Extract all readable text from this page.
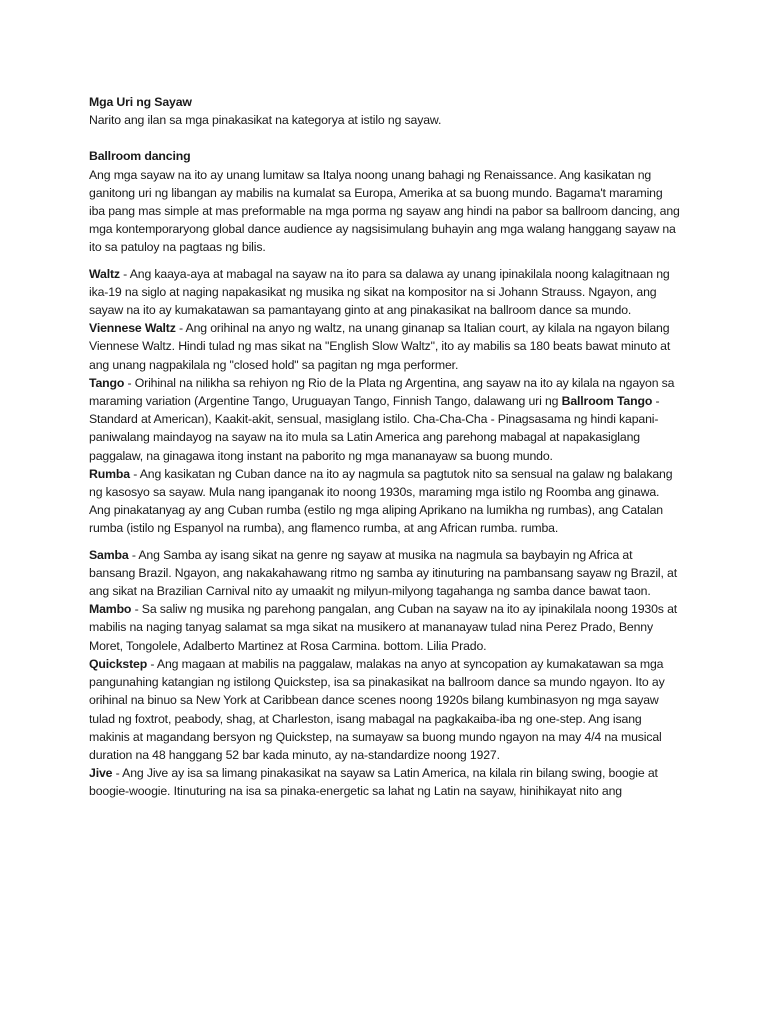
Mga Uri ng Sayaw

Narito ang ilan sa mga pinakasikat na kategorya at istilo ng sayaw.

Ballroom dancing

Ang mga sayaw na ito ay unang lumitaw sa Italya noong unang bahagi ng Renaissance. Ang kasikatan ng ganitong uri ng libangan ay mabilis na kumalat sa Europa, Amerika at sa buong mundo. Bagama't maraming iba pang mas simple at mas preformable na mga porma ng sayaw ang hindi na pabor sa ballroom dancing, ang mga kontemporaryong global dance audience ay nagsisimulang buhayin ang mga walang hanggang sayaw na ito sa patuloy na pagtaas ng bilis.

Waltz - Ang kaaya-aya at mabagal na sayaw na ito para sa dalawa ay unang ipinakilala noong kalagitnaan ng ika-19 na siglo at naging napakasikat ng musika ng sikat na kompositor na si Johann Strauss. Ngayon, ang sayaw na ito ay kumakatawan sa pamantayang ginto at ang pinakasikat na ballroom dance sa mundo.

Viennese Waltz - Ang orihinal na anyo ng waltz, na unang ginanap sa Italian court, ay kilala na ngayon bilang Viennese Waltz. Hindi tulad ng mas sikat na "English Slow Waltz", ito ay mabilis sa 180 beats bawat minuto at ang unang nagpakilala ng "closed hold" sa pagitan ng mga performer.

Tango - Orihinal na nilikha sa rehiyon ng Rio de la Plata ng Argentina, ang sayaw na ito ay kilala na ngayon sa maraming variation (Argentine Tango, Uruguayan Tango, Finnish Tango, dalawang uri ng Ballroom Tango - Standard at American), Kaakit-akit, sensual, masiglang istilo. Cha-Cha-Cha - Pinagsasama ng hindi kapani-paniwalang maindayog na sayaw na ito mula sa Latin America ang parehong mabagal at napakasiglang paggalaw, na ginagawa itong instant na paborito ng mga mananayaw sa buong mundo.

Rumba - Ang kasikatan ng Cuban dance na ito ay nagmula sa pagtutok nito sa sensual na galaw ng balakang ng kasosyo sa sayaw. Mula nang ipanganak ito noong 1930s, maraming mga istilo ng Roomba ang ginawa. Ang pinakatanyag ay ang Cuban rumba (estilo ng mga aliping Aprikano na lumikha ng rumbas), ang Catalan rumba (istilo ng Espanyol na rumba), ang flamenco rumba, at ang African rumba. rumba.

Samba - Ang Samba ay isang sikat na genre ng sayaw at musika na nagmula sa baybayin ng Africa at bansang Brazil. Ngayon, ang nakakahawang ritmo ng samba ay itinuturing na pambansang sayaw ng Brazil, at ang sikat na Brazilian Carnival nito ay umaakit ng milyun-milyong tagahanga ng samba dance bawat taon.

Mambo - Sa saliw ng musika ng parehong pangalan, ang Cuban na sayaw na ito ay ipinakilala noong 1930s at mabilis na naging tanyag salamat sa mga sikat na musikero at mananayaw tulad nina Perez Prado, Benny Moret, Tongolele, Adalberto Martinez at Rosa Carmina. bottom. Lilia Prado.

Quickstep - Ang magaan at mabilis na paggalaw, malakas na anyo at syncopation ay kumakatawan sa mga pangunahing katangian ng istilong Quickstep, isa sa pinakasikat na ballroom dance sa mundo ngayon. Ito ay orihinal na binuo sa New York at Caribbean dance scenes noong 1920s bilang kumbinasyon ng mga sayaw tulad ng foxtrot, peabody, shag, at Charleston, isang mabagal na pagkakaiba-iba ng one-step. Ang isang makinis at magandang bersyon ng Quickstep, na sumayaw sa buong mundo ngayon na may 4/4 na musical duration na 48 hanggang 52 bar kada minuto, ay na-standardize noong 1927.

Jive - Ang Jive ay isa sa limang pinakasikat na sayaw sa Latin America, na kilala rin bilang swing, boogie at boogie-woogie. Itinuturing na isa sa pinaka-energetic sa lahat ng Latin na sayaw, hinihikayat nito ang
